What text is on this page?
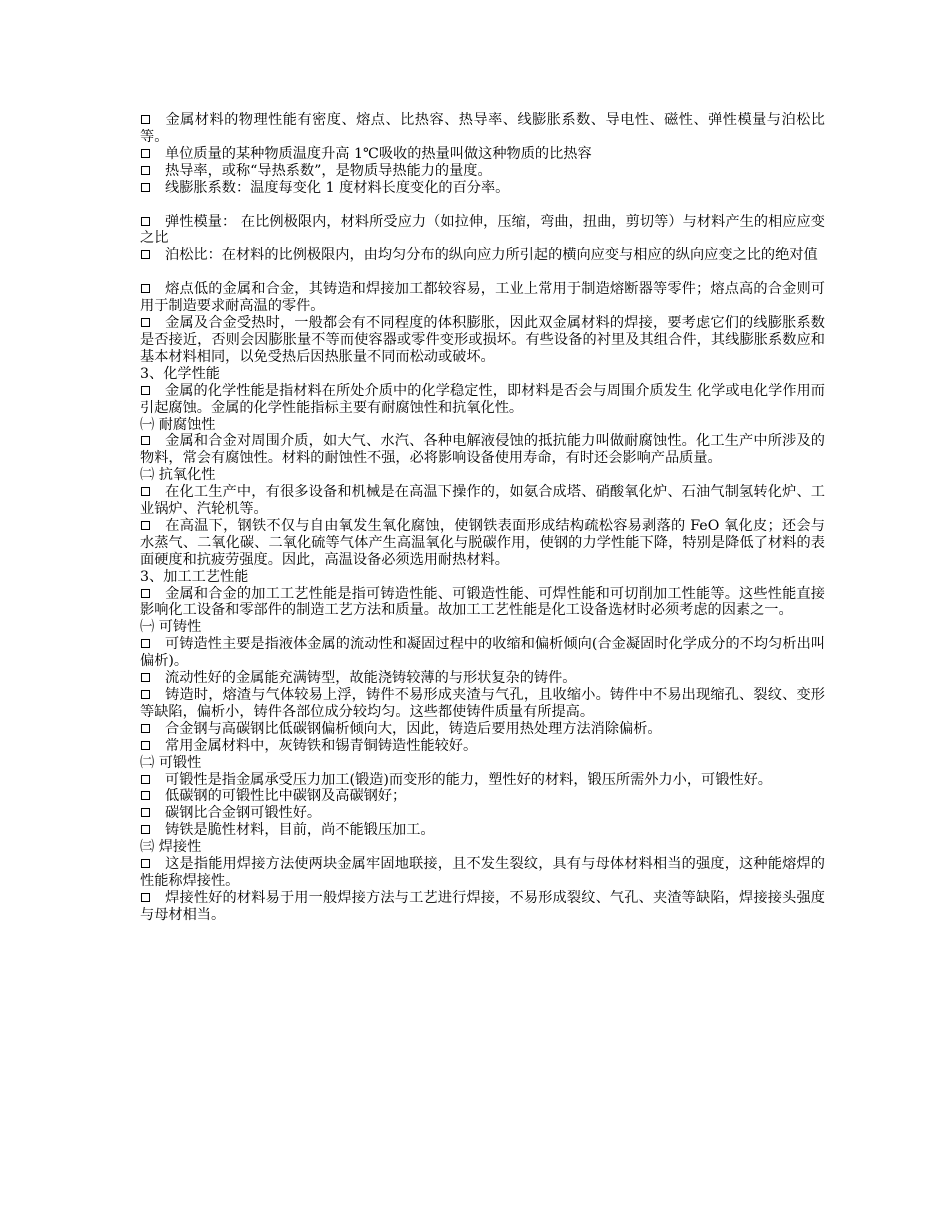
金属材料的物理性能有密度、熔点、比热容、热导率、线膨胀系数、导电性、磁性、弹性模量与泊松比等。

单位质量的某种物质温度升高 1℃吸收的热量叫做这种物质的比热容

热导率，或称“导热系数”，是物质导热能力的量度。

线膨胀系数：温度每变化 1 度材料长度变化的百分率。

弹性模量： 在比例极限内，材料所受应力（如拉伸，压缩，弯曲，扭曲，剪切等）与材料产生的相应应变之比

泊松比：在材料的比例极限内，由均匀分布的纵向应力所引起的横向应变与相应的纵向应变之比的绝对值

熔点低的金属和合金，其铸造和焊接加工都较容易，工业上常用于制造熔断器等零件；熔点高的合金则可用于制造要求耐高温的零件。

金属及合金受热时，一般都会有不同程度的体积膨胀，因此双金属材料的焊接，要考虑它们的线膨胀系数是否接近，否则会因膨胀量不等而使容器或零件变形或损坏。有些设备的衬里及其组合件，其线膨胀系数应和基本材料相同，以免受热后因热胀量不同而松动或破坏。

3、化学性能

金属的化学性能是指材料在所处介质中的化学稳定性，即材料是否会与周围介质发生 化学或电化学作用而引起腐蚀。金属的化学性能指标主要有耐腐蚀性和抗氧化性。

㈠ 耐腐蚀性

金属和合金对周围介质，如大气、水汽、各种电解液侵蚀的抵抗能力叫做耐腐蚀性。化工生产中所涉及的物料，常会有腐蚀性。材料的耐蚀性不强，必将影响设备使用寿命，有时还会影响产品质量。

㈡ 抗氧化性

在化工生产中，有很多设备和机械是在高温下操作的，如氨合成塔、硝酸氧化炉、石油气制氢转化炉、工业锅炉、汽轮机等。

在高温下，钢铁不仅与自由氧发生氧化腐蚀，使钢铁表面形成结构疏松容易剥落的 FeO 氧化皮；还会与水蒸气、二氧化碳、二氧化硫等气体产生高温氧化与脱碳作用，使钢的力学性能下降，特别是降低了材料的表面硬度和抗疲劳强度。因此，高温设备必须选用耐热材料。

3、加工工艺性能

金属和合金的加工工艺性能是指可铸造性能、可锻造性能、可焊性能和可切削加工性能等。这些性能直接影响化工设备和零部件的制造工艺方法和质量。故加工工艺性能是化工设备选材时必须考虑的因素之一。

㈠ 可铸性

可铸造性主要是指液体金属的流动性和凝固过程中的收缩和偏析倾向(合金凝固时化学成分的不均匀析出叫偏析)。

流动性好的金属能充满铸型，故能浇铸较薄的与形状复杂的铸件。

铸造时，熔渣与气体较易上浮，铸件不易形成夹渣与气孔，且收缩小。铸件中不易出现缩孔、裂纹、变形等缺陷，偏析小，铸件各部位成分较均匀。这些都使铸件质量有所提高。

合金钢与高碳钢比低碳钢偏析倾向大，因此，铸造后要用热处理方法消除偏析。

常用金属材料中，灰铸铁和锡青铜铸造性能较好。

㈡ 可锻性

可锻性是指金属承受压力加工(锻造)而变形的能力，塑性好的材料，锻压所需外力小，可锻性好。

低碳钢的可锻性比中碳钢及高碳钢好；

碳钢比合金钢可锻性好。

铸铁是脆性材料，目前，尚不能锻压加工。

㈢ 焊接性

这是指能用焊接方法使两块金属牢固地联接，且不发生裂纹，具有与母体材料相当的强度，这种能熔焊的性能称焊接性。

焊接性好的材料易于用一般焊接方法与工艺进行焊接，不易形成裂纹、气孔、夹渣等缺陷，焊接接头强度与母材相当。
